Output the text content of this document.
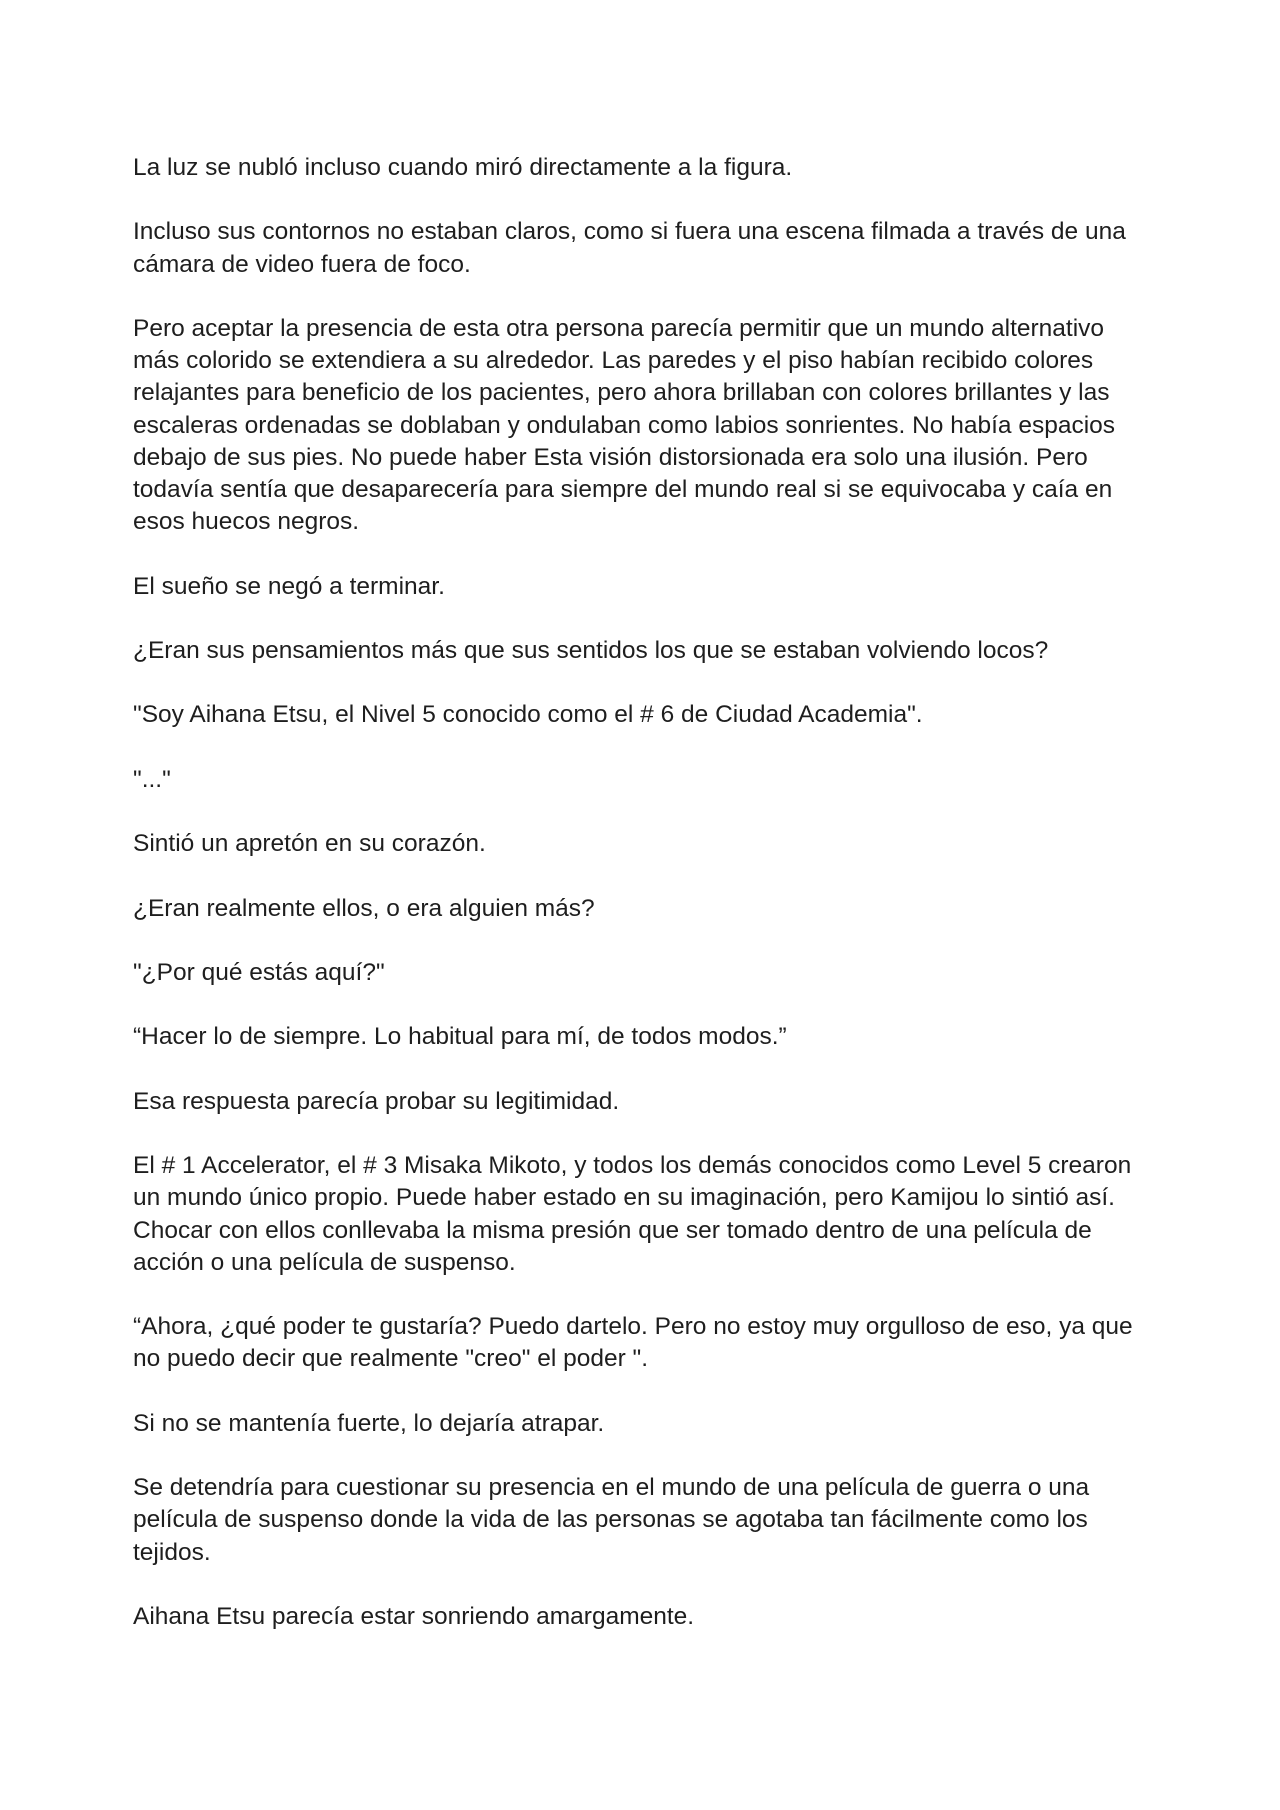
La luz se nubló incluso cuando miró directamente a la figura.

Incluso sus contornos no estaban claros, como si fuera una escena filmada a través de una cámara de video fuera de foco.

Pero aceptar la presencia de esta otra persona parecía permitir que un mundo alternativo más colorido se extendiera a su alrededor. Las paredes y el piso habían recibido colores relajantes para beneficio de los pacientes, pero ahora brillaban con colores brillantes y las escaleras ordenadas se doblaban y ondulaban como labios sonrientes. No había espacios debajo de sus pies. No puede haber Esta visión distorsionada era solo una ilusión. Pero todavía sentía que desaparecería para siempre del mundo real si se equivocaba y caía en esos huecos negros.

El sueño se negó a terminar.

¿Eran sus pensamientos más que sus sentidos los que se estaban volviendo locos?

"Soy Aihana Etsu, el Nivel 5 conocido como el # 6 de Ciudad Academia".

"..."

Sintió un apretón en su corazón.

¿Eran realmente ellos, o era alguien más?

"¿Por qué estás aquí?"

“Hacer lo de siempre. Lo habitual para mí, de todos modos.”

Esa respuesta parecía probar su legitimidad.

El # 1 Accelerator, el # 3 Misaka Mikoto, y todos los demás conocidos como Level 5 crearon un mundo único propio. Puede haber estado en su imaginación, pero Kamijou lo sintió así. Chocar con ellos conllevaba la misma presión que ser tomado dentro de una película de acción o una película de suspenso.

“Ahora, ¿qué poder te gustaría? Puedo dartelo. Pero no estoy muy orgulloso de eso, ya que no puedo decir que realmente "creo" el poder ".

Si no se mantenía fuerte, lo dejaría atrapar.

Se detendría para cuestionar su presencia en el mundo de una película de guerra o una película de suspenso donde la vida de las personas se agotaba tan fácilmente como los tejidos.

Aihana Etsu parecía estar sonriendo amargamente.
